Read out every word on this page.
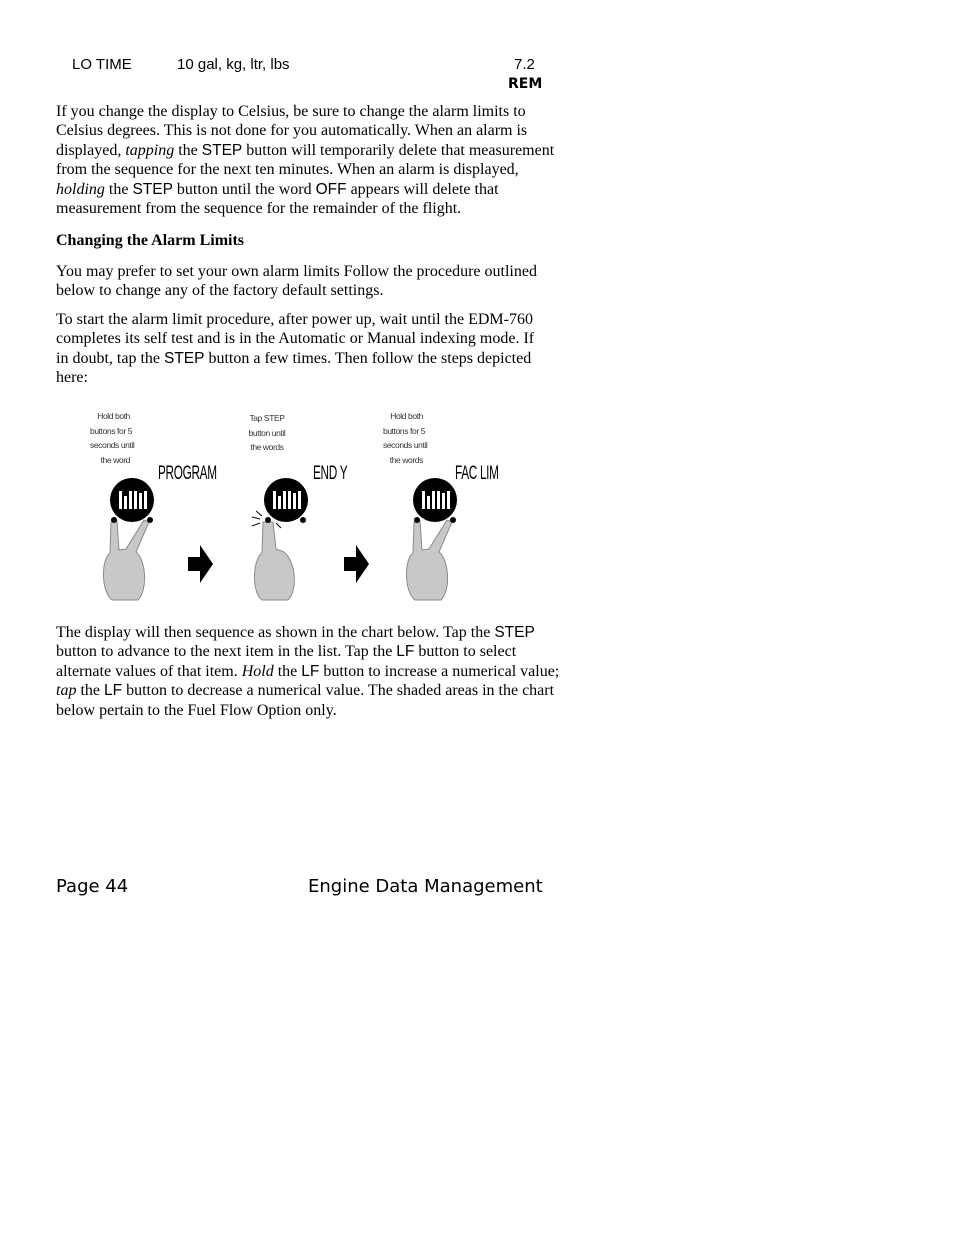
LO TIME	10 gal, kg, ltr, lbs	7.2
REM

If you change the display to Celsius, be sure to change the alarm limits to Celsius degrees. This is not done for you automatically. When an alarm is displayed, tapping the STEP button will temporarily delete that measurement from the sequence for the next ten minutes. When an alarm is displayed, holding the STEP button until the word OFF appears will delete that measurement from the sequence for the remainder of the flight.

Changing the Alarm Limits

You may prefer to set your own alarm limits Follow the procedure outlined below to change any of the factory default settings.

To start the alarm limit procedure, after power up, wait until the EDM-760 completes its self test and is in the Automatic or Manual indexing mode. If in doubt, tap the STEP button a few times. Then follow the steps depicted here:

Hold both
buttons for 5
seconds until
the word
Tap STEP
button until
the words
Hold both
buttons for 5
seconds until
the words
PROGRAM	END Y	FAC LIM

The display will then sequence as shown in the chart below. Tap the STEP button to advance to the next item in the list. Tap the LF button to select alternate values of that item. Hold the LF button to increase a numerical value; tap the LF button to decrease a numerical value. The shaded areas in the chart below pertain to the Fuel Flow Option only.

Page 44	Engine Data Management
